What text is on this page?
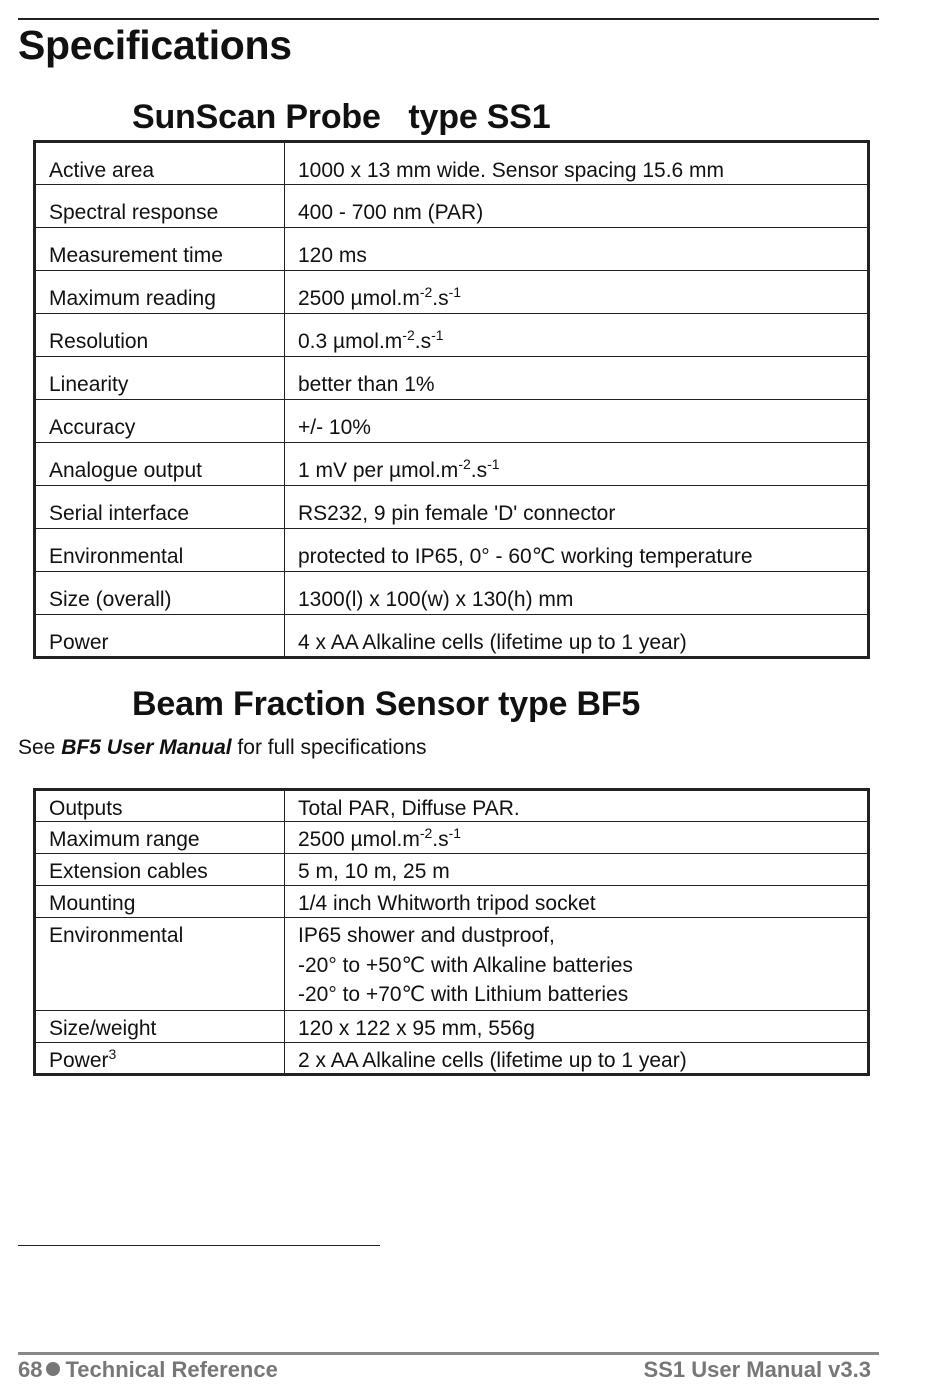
Specifications
SunScan Probe   type SS1
Active area	1000 x 13 mm wide. Sensor spacing 15.6 mm
Spectral response	400 - 700 nm (PAR)
Measurement time	120 ms
Maximum reading	2500 $\mu mol.m^{-2}.s^{-1}$
Resolution	0.3 $\mu mol.m^{-2}.s^{-1}$
Linearity	better than 1%
Accuracy	+/- 10%
Analogue output	1 mV per $\mu mol.m^{-2}.s^{-1}$
Serial interface	RS232, 9 pin female 'D' connector
Environmental	protected to IP65, 0° - 60℃ working temperature
Size (overall)	1300(l) x 100(w) x 130(h) mm
Power	4 x AA Alkaline cells (lifetime up to 1 year)
Beam Fraction Sensor type BF5

See BF5 User Manual for full specifications

Outputs	Total PAR, Diffuse PAR.
Maximum range	2500 $\mu mol.m^{-2}.s^{-1}$
Extension cables	5 m, 10 m, 25 m
Mounting	1/4 inch Whitworth tripod socket
Environmental	IP65 shower and dustproof,
-20° to +50℃ with Alkaline batteries
-20° to +70℃ with Lithium batteries

Size/weight	120 x 122 x 95 mm, 556g
Power$^3$	2 x AA Alkaline cells (lifetime up to 1 year)
68 Technical Reference	SS1 User Manual v3.3
